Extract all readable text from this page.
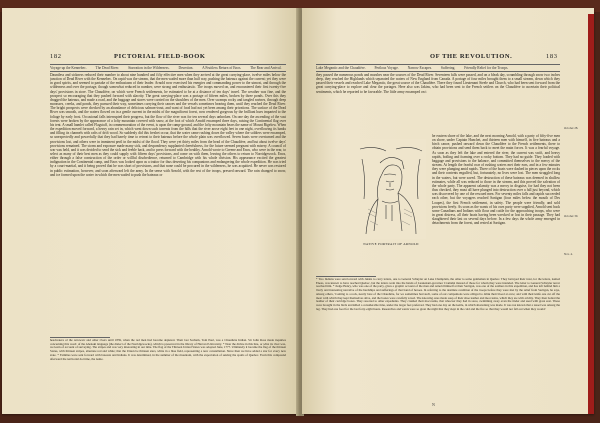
182	PICTORIAL FIELD-BOOK
Voyage up the Kennebec. The Dead River. Starvation in the Wilderness. Desertion. A Fruitless Return of Enos. The Rear and Arrival.
Dauntless and sickness reduced their number to about nine hundred and fifty effective men when they arrived at the great carrying-place, twelve miles below the junction of Dead River with the Kennebec. On rapid was the stream, that the men waded more than half way, pushing the bateaux against the current; yet they were in good spirits, and seemed to partake of the enthusiasm of their leader. Arnold now exercised his energies and commanding power to the utmost, and through the wilderness and over the portage, though somewhat reduced in number, were strong and enthusiastic. The troops moved on, and encountered their first twenty-five days' provisions in store. The Chaudière, on which were French settlements, he estimated to be at a distance of ten days' travel. The weather was fine, and the prospect so encouraging that they pushed forward with alacrity. The great carrying-place was a portage of fifteen miles, broken by three ponds. Over this they dragged the bateaux, and made a road, and the baggage and stores were carried on the shoulders of the men. Over swamps rocky and tangled ravines, through deep morasses, creeks, and ponds, they pursued their way, sometimes carrying their canoes and the vessels sometimes bearing them, until they reached the Dead River. The bright prospects were checked by an abundance of delicious salmon-trout, and want of food had not yet been among their privations. The surface of the Dead River was smooth, and the waters flowed on in a gentle current in the midst of the magnificent forest, now rendered gorgeous by the brilliant hues imparted to the foliage by early frost. Occasional falls interrupted their progress, but the flow of the river was for ten several days unbroken. On one day the ascending of the vast forests were broken by the appearance of a lofty mountain covered with snow, at the foot of which Arnold encamped three days, raising the Continental flag over his tent. A small hamlet called Flagstaff, in commemoration of the event, is upon the camp-ground, and the lofty mountain bears the name of Mount Bigelow. When the expedition moved forward, a heavy rain set in, which went down such torrents from the hills that the river arose eight feet in one night, overflowing its banks and filling its channels with rafts of drift wood. So suddenly did this freshet occur, that the water came rushing down the valley where the soldiers were encamped, so unexpectedly and powerfully that they had barely time to retreat to their bateaux before the whole plain was overflowed. Seven boats were overturned and the provisions lost, and others were in imminent peril in the midst of the flood. They were yet thirty miles from the head of the Chaudière, and but about twelve days' provisions remained. The storm and exposure made many sick, and despondency supplanted cheerfulness, for the future seemed pregnant with misery. A council of war was held, and it was decided to send the sick and feeble back, and to press forward with the healthy. Arnold wrote to Greene and Enos, who were in the rear, to select as many of their best men as they could supply with fifteen days' provisions, and come on with them, leaving the others to return to Norridgewock. Enos, either through a false construction of the order or willful disobedience, returned to Cambridge with his whole division. His appearance excited the greatest indignation in the Continental camp, and Enos was looked upon as a traitor for thus deserting his companions and endangering the whole expedition. He was tried by a court-martial, and it being proved that he was short of provisions, and that none could be procured in the wilderness, he was acquitted. He never was restored in public estimation, however, and soon afterward left the army. In the sense with Arnold, with the rest of the troops, pressed onward. The rain changed to snow, and ice formed upon the water in which the men waded to push the bateaux or
headwaters of the Arrowsic and other rivers until 1839, when the red men had become depleted. Their last Sachem, Tom Paul, was a Chaudière Indian. Sir John Ross made inquiries concerning this word: of the Abenaki language (the dialect of the Norridgewocks), which is preserved in the library of Harvard University. * Near the divine in this line, or what its river was, we learn of account of surveying. The stripes and was very interesting in our time. The flag of the Thirteen United States was adopted June, 1777. Ultimately it became the flag of the thirteen States, with thirteen stripes, alternate red and white; that the Union be thirteen stars, white in a blue field, representing a new constellation. Since then we have added a star for every new state. * Families were sent forward with bateaux and Indians. It was determined, in the summer of the mountain, with the expectation of seizing the spoils of Quebec. From this compound afterward the territorial doctrine, the name.
OF THE REVOLUTION.	183
Lake Megantic and the Chaudière. Perilous Voyage. Narrow Escapes. Suffering. Friendly Relief for the Troops.
they passed the numerous ponds and marshes near the sources of the Dead River. Seventeen falls were passed, and on a bleak day, scrambling through snow two inches deep, they reached the Highlands which separated the waters of New England from Canada. A portage of four miles brought them to a small stream, down which they passed their vessels and reached Lake Megantic, the great source of the Chaudière. There they found Lieutenant Steele and Church, who had been sent forward from the great carrying-place to explore and clear the portages. Here also was Jakins, who had been sent to the French settlers on the Chaudière to ascertain their political sentiments, which he reported to be favorable. The little army encamped on t
October 28.
October 30.
Nov. 4.
he eastern shore of the lake, and the next morning Arnold, with a party of fifty-five men on shore, under Captain Hanchet, and thirteen men with himself, in five bateaux and a birch canoe, pushed onward down the Chaudière to the French settlements, there to obtain provisions and send them back to meet the main forces. It was a fearful voyage. As soon as they left the lake and entered the river, the current was swift, and heavy rapids, boiling and foaming over a rocky bottom. They had no guide. They loaded with baggage and provisions to the balance, and committed themselves to the mercy of the stream. At length the fearful roar of rushing waters met their ears, and in a few minutes they were plunging amid rapids. Three of the boats were dashed in pieces upon the rocks and their contents engulfed, but, fortunately, no lives were lost. The men struggled long in the waters, but were saved. The destruction of these bateaux was deemed in shallow estimates, while all was reduced to those in the stream, and this proved the salvation of the whole party. The apparent calamity was a mercy in disguise, for had they not been thus checked, they must all have plunged into destruction over a fall just beyond, which was discovered by one of the rescued men. For seventy miles falls and rapids succeeded each other, but the voyagers reached Sartigan (four miles below the mouth of Des Loupes), the first French settlement, in safety. The people were friendly, and sold provisions freely. As soon as the wants of his own party were supplied, Arnold sent back some Canadians and Indians with flour and cattle for the approaching troops, who were in great distress, all their boats having been wrecked or lost in their passage. They had slaughtered their last ox several days before. In a few days the whole army emerged in detachments from the forest, and rested at Sartigan.
* Two Indians were sent forward with Jakins to carry letters, one to General Schuyler on Lake Champlain, the other to some gentlemen in Quebec. They betrayed their trust, for the letters, named Eneas, was known to have reached Quebec, but the letters went into the hands of Lieutenant-governor Cramahé instead of those for whom they were intended. The letter to General Schuyler never reached him. * Judge Henry, who was one of the party, gives a graphic account of the men and Arnold himself at their Sartigan, was one of the soldiers in this expedition, and has left behind him a lively and interesting narrative of the hardships and sufferings of that band of heroes. In referring to the destitute condition of the troops before they were met by the relief from Sartigan, he says, among others, 'Coming to a rock, nearly bare of the Chaudière, for we sometimes had such, some of our companions were obliged to drink their blood at once; and with their knife one cut off the meat with which they kept themselves alive, and the bones were carefully saved. The knowing ones made soup of their shoe leather and moccasins, which they ate with avidity. They then boiled the leather of their cartridge boxes. They resorted to other expedients. They crushed their moccasins, that whoever they had in store, swimming away even the tinder and used with great zest. These were brought in the birds and killed a considerable time, under the larger feet preferred. They had one day on the kettle, in which shortening was made. It was not known that a tassel was among the leg. They had one food for the last forty-eight hours. Researches and wants were so great the night that they slept in the cold and the fire so that they would not fall out when they would.'
N
NATIVE PORTRAIT OF ARNOLD
